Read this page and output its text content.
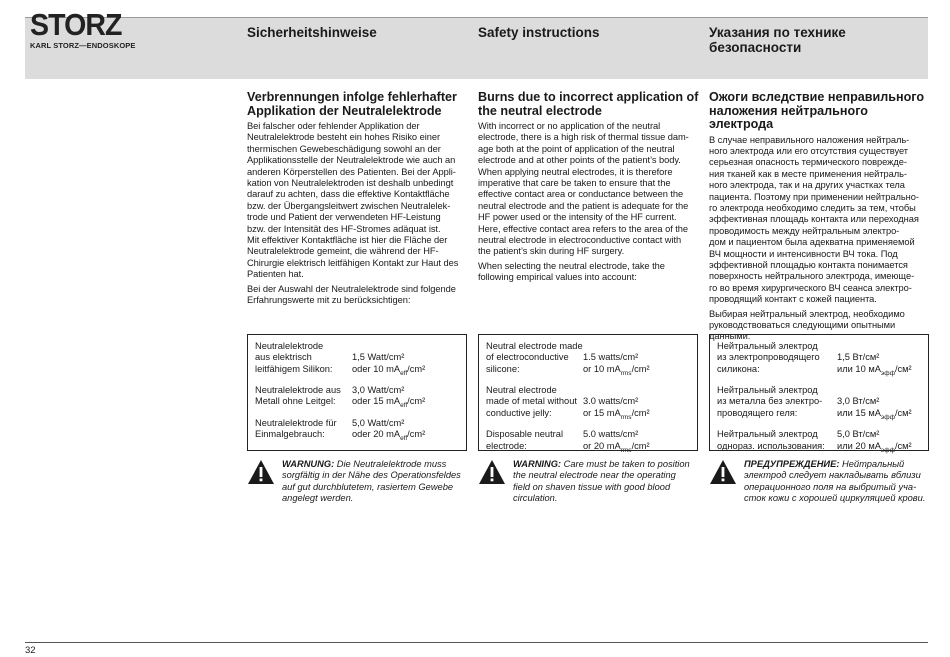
STORZ
KARL STORZ—ENDOSKOPE
Sicherheitshinweise	Safety instructions	Указания по технике
безопасности
Verbrennungen infolge fehlerhafter
Applikation der Neutralelektrode

Bei falscher oder fehlender Applikation der
Neutralelektrode besteht ein hohes Risiko einer
thermischen Gewebeschädigung sowohl an der
Applikationsstelle der Neutralelektrode wie auch an
anderen Körperstellen des Patienten. Bei der Appli-
kation von Neutralelektroden ist deshalb unbedingt
darauf zu achten, dass die effektive Kontaktfläche
bzw. der Übergangsleitwert zwischen Neutralelek-
trode und Patient der verwendeten HF-Leistung
bzw. der Intensität des HF-Stromes adäquat ist.
Mit effektiver Kontaktfläche ist hier die Fläche der
Neutralelektrode gemeint, die während der HF-
Chirurgie elektrisch leitfähigen Kontakt zur Haut des
Patienten hat.

Bei der Auswahl der Neutralelektrode sind folgende
Erfahrungswerte mit zu berücksichtigen:

Neutralelektrode
aus elektrisch
leitfähigem Silikon:
1,5 Watt/cm²
oder 10 $mA_{eff}$/cm²
Neutralelektrode aus
Metall ohne Leitgel:
3,0 Watt/cm²
oder 15 $mA_{eff}$/cm²
Neutralelektrode für
Einmalgebrauch:
5,0 Watt/cm²
oder 20 $mA_{eff}$/cm²
WARNUNG: Die Neutralelektrode muss
sorgfältig in der Nähe des Operationsfeldes
auf gut durchblutetem, rasiertem Gewebe
angelegt werden.
Burns due to incorrect application of
the neutral electrode

With incorrect or no application of the neutral
electrode, there is a high risk of thermal tissue dam-
age both at the point of application of the neutral
electrode and at other points of the patient’s body.
When applying neutral electrodes, it is therefore
imperative that care be taken to ensure that the
effective contact area or conductance between the
neutral electrode and the patient is adequate for the
HF power used or the intensity of the HF current.
Here, effective contact area refers to the area of the
neutral electrode in electroconductive contact with
the patient’s skin during HF surgery.

When selecting the neutral electrode, take the
following empirical values into account:

Neutral electrode made
of electroconductive
silicone:
1.5 watts/cm²
or 10 $mA_{rms}$/cm²
Neutral electrode
made of metal without
conductive jelly:
3.0 watts/cm²
or 15 $mA_{rms}$/cm²
Disposable neutral
electrode:
5.0 watts/cm²
or 20 $mA_{rms}$/cm²
WARNING: Care must be taken to position
the neutral electrode near the operating
field on shaven tissue with good blood
circulation.
Ожоги вследствие неправильного
наложения нейтрального электрода

В случае неправильного наложения нейтраль-
ного электрода или его отсутствия существует
серьезная опасность термического поврежде-
ния тканей как в месте применения нейтраль-
ного электрода, так и на других участках тела
пациента. Поэтому при применении нейтрально-
го электрода необходимо следить за тем, чтобы
эффективная площадь контакта или переходная
проводимость между нейтральным электро-
дом и пациентом была адекватна применяемой
ВЧ мощности и интенсивности ВЧ тока. Под
эффективной площадью контакта понимается
поверхность нейтрального электрода, имеющe-
го во время хирургического ВЧ сеанса электро-
проводящий контакт с кожей пациента.

Выбирая нейтральный электрод, необходимо
руководствоваться следующими опытными
данными:

Нейтральный электрод
из электропроводящего
силикона:
1,5 Вт/см²
или 10 $мА_{эфф}$/см²
Нейтральный электрод
из металла без электро-
проводящего геля:
3,0 Вт/см²
или 15 $мА_{эфф}$/см²
Нейтральный электрод
однораз. использования:
5,0 Вт/см²
или 20 $мА_{эфф}$/см²
ПРЕДУПРЕЖДЕНИЕ: Нейтральный
электрод следует накладывать вблизи
операционного поля на выбритый уча-
сток кожи с хорошей циркуляцией крови.
32
